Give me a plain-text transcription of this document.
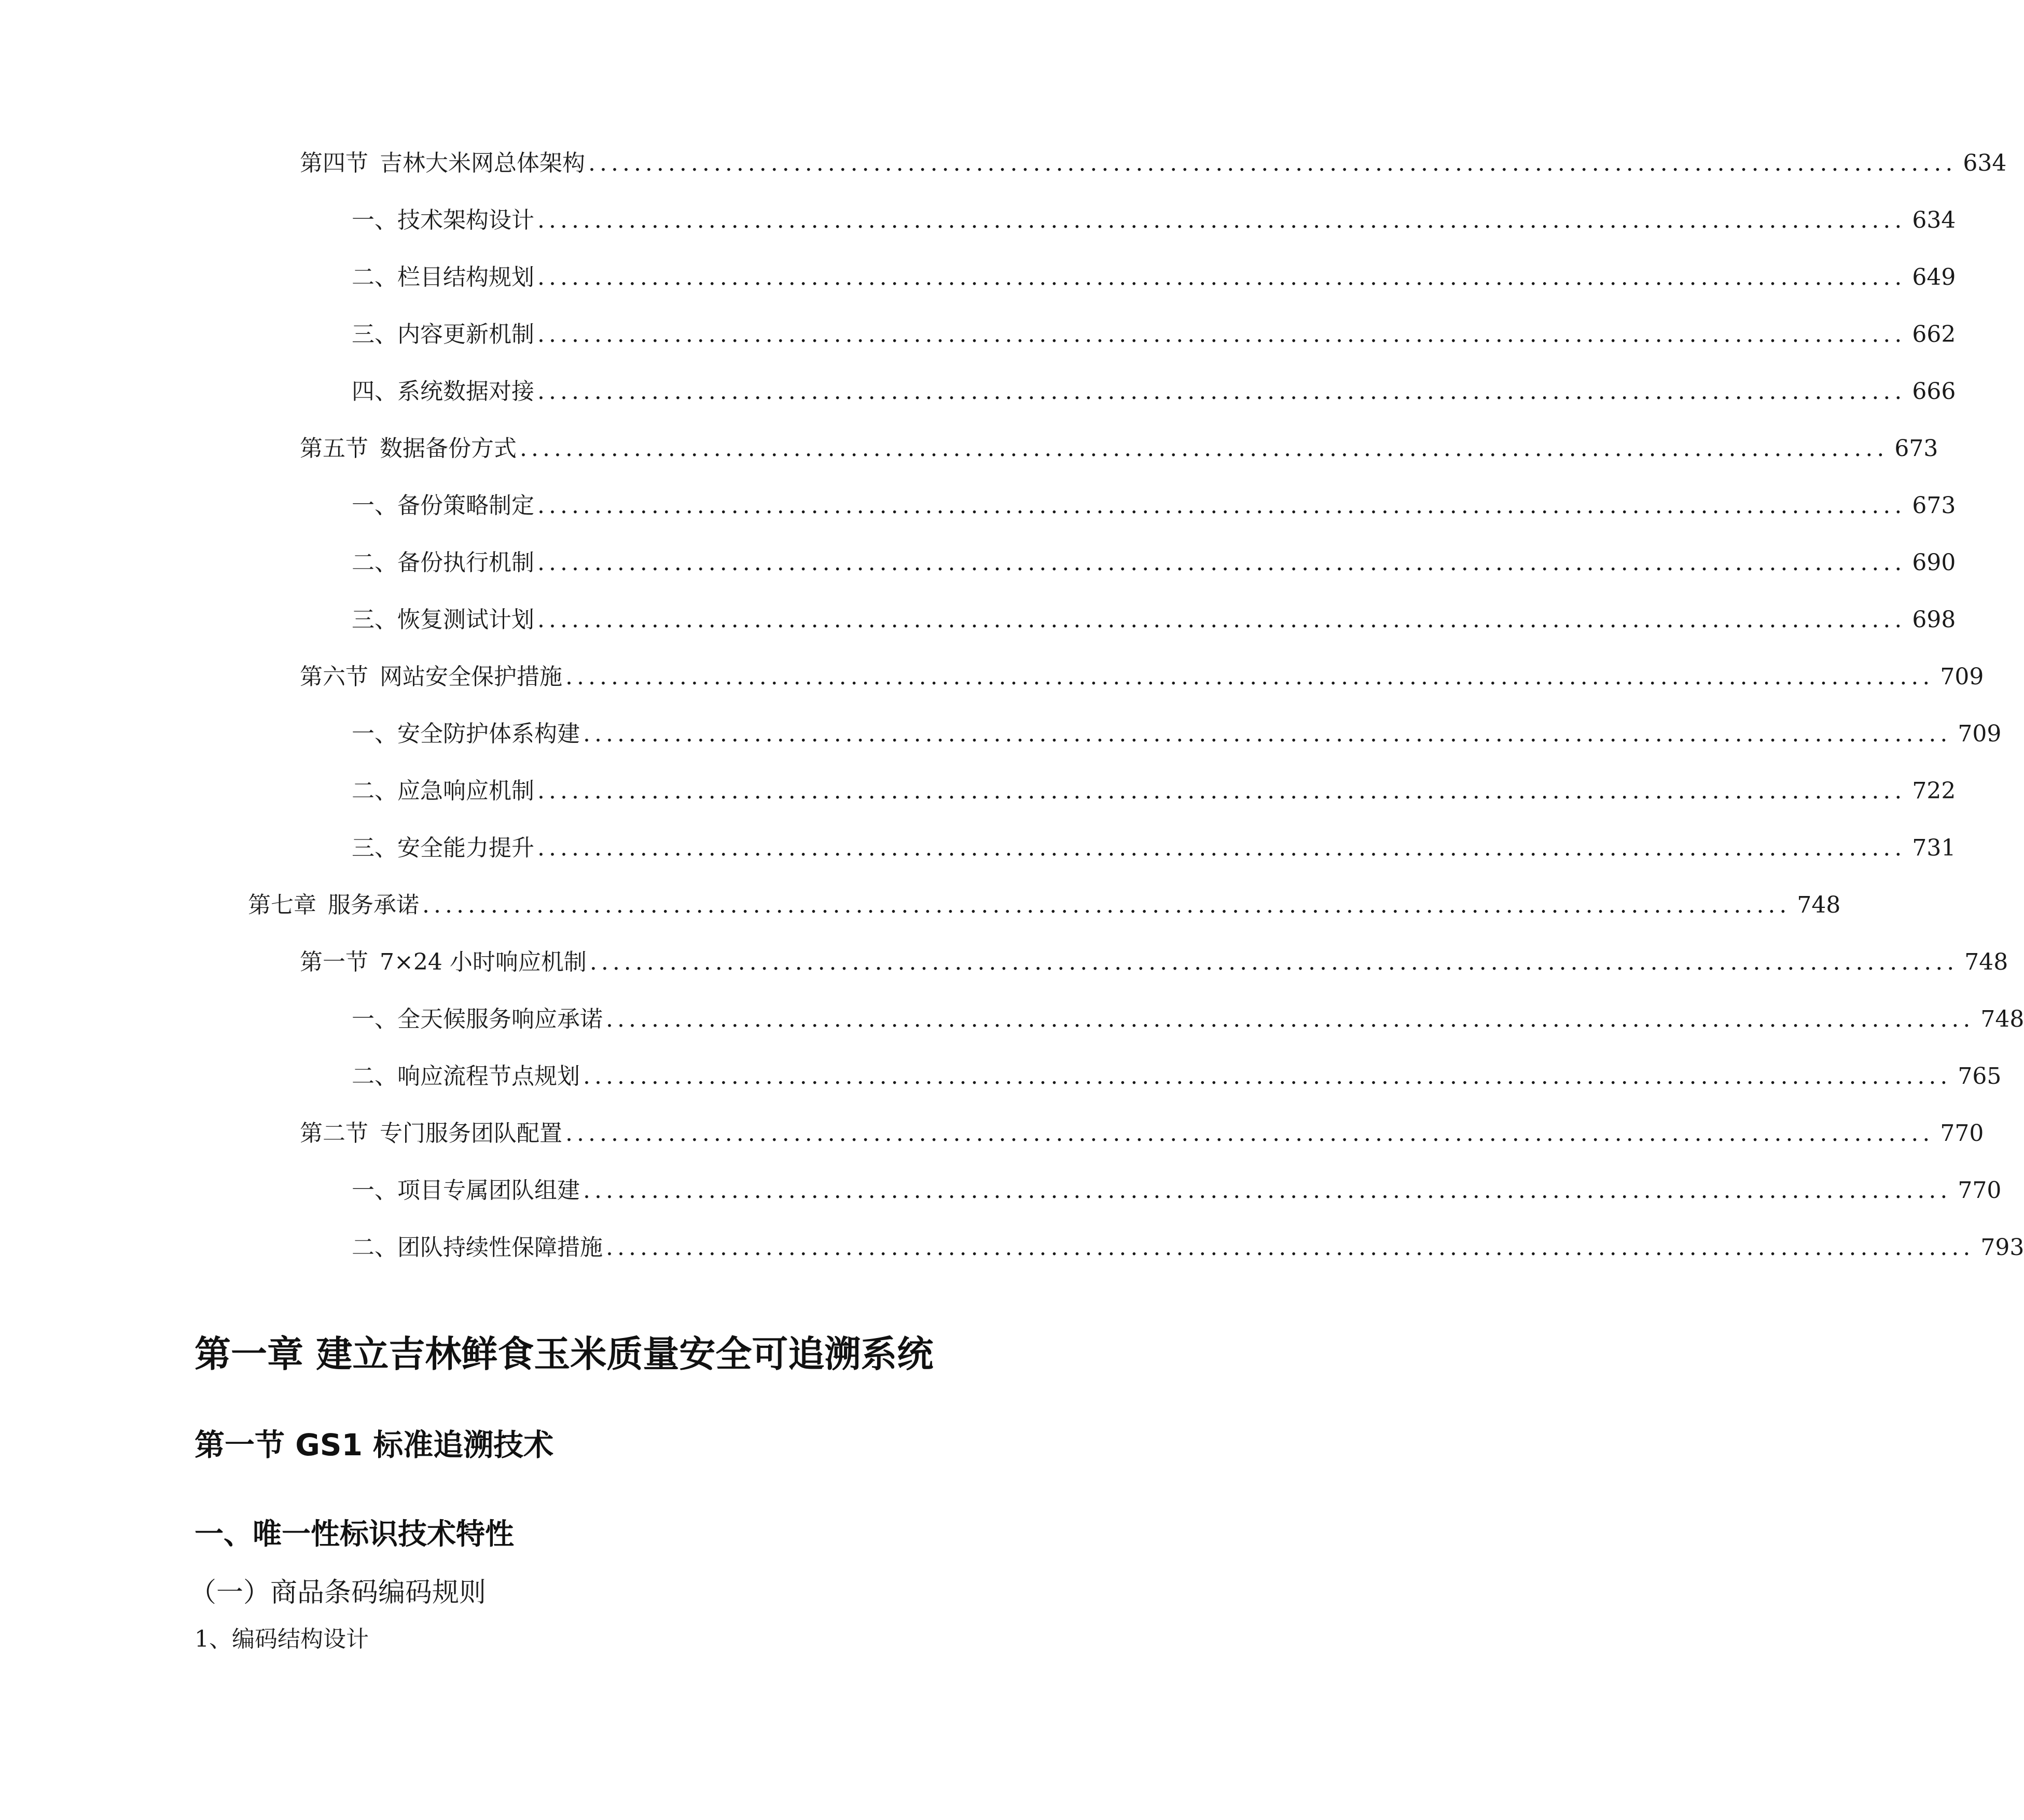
第四节 吉林大米网总体架构 ........................................................................................................................ 634
一、 技术架构设计 ........................................................................................................................ 634
二、 栏目结构规划 ........................................................................................................................ 649
三、 内容更新机制 ........................................................................................................................ 662
四、 系统数据对接 ........................................................................................................................ 666
第五节 数据备份方式 ........................................................................................................................ 673
一、 备份策略制定 ........................................................................................................................ 673
二、 备份执行机制 ........................................................................................................................ 690
三、 恢复测试计划 ........................................................................................................................ 698
第六节 网站安全保护措施 ........................................................................................................................ 709
一、 安全防护体系构建 ........................................................................................................................ 709
二、 应急响应机制 ........................................................................................................................ 722
三、 安全能力提升 ........................................................................................................................ 731
第七章 服务承诺 ........................................................................................................................ 748
第一节 7×24 小时响应机制 ........................................................................................................................ 748
一、 全天候服务响应承诺 ........................................................................................................................ 748
二、 响应流程节点规划 ........................................................................................................................ 765
第二节 专门服务团队配置 ........................................................................................................................ 770
一、 项目专属团队组建 ........................................................................................................................ 770
二、 团队持续性保障措施 ........................................................................................................................ 793
第一章 建立吉林鲜食玉米质量安全可追溯系统
第一节 GS1 标准追溯技术
一、唯一性标识技术特性
（一）商品条码编码规则
1、编码结构设计
